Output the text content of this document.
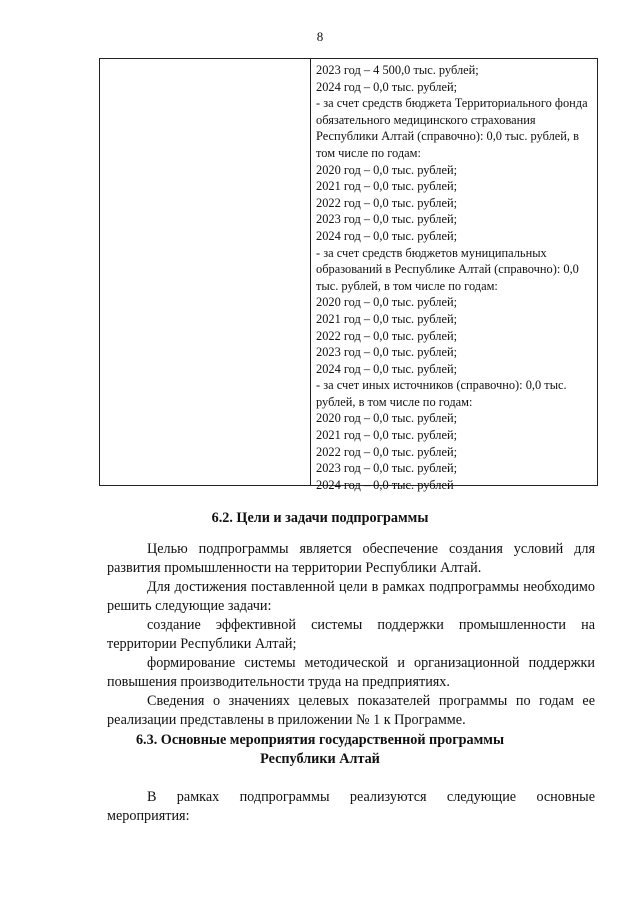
8
2023 год – 4 500,0 тыс. рублей;
2024 год – 0,0 тыс. рублей;
- за счет средств бюджета Территориального фонда
обязательного медицинского страхования
Республики Алтай (справочно): 0,0 тыс. рублей, в
том числе по годам:
2020 год – 0,0 тыс. рублей;
2021 год – 0,0 тыс. рублей;
2022 год – 0,0 тыс. рублей;
2023 год – 0,0 тыс. рублей;
2024 год – 0,0 тыс. рублей;
- за счет средств бюджетов муниципальных
образований в Республике Алтай (справочно): 0,0
тыс. рублей, в том числе по годам:
2020 год – 0,0 тыс. рублей;
2021 год – 0,0 тыс. рублей;
2022 год – 0,0 тыс. рублей;
2023 год – 0,0 тыс. рублей;
2024 год – 0,0 тыс. рублей;
- за счет иных источников (справочно): 0,0 тыс.
рублей, в том числе по годам:
2020 год – 0,0 тыс. рублей;
2021 год – 0,0 тыс. рублей;
2022 год – 0,0 тыс. рублей;
2023 год – 0,0 тыс. рублей;
2024 год – 0,0 тыс. рублей
6.2. Цели и задачи подпрограммы
Целью подпрограммы является обеспечение создания условий для развития промышленности на территории Республики Алтай.
Для достижения поставленной цели в рамках подпрограммы необходимо решить следующие задачи:
создание эффективной системы поддержки промышленности на территории Республики Алтай;
формирование системы методической и организационной поддержки повышения производительности труда на предприятиях.
Сведения о значениях целевых показателей программы по годам ее реализации представлены в приложении № 1 к Программе.
6.3. Основные мероприятия государственной программы
Республики Алтай
В рамках подпрограммы реализуются следующие основные
мероприятия:
